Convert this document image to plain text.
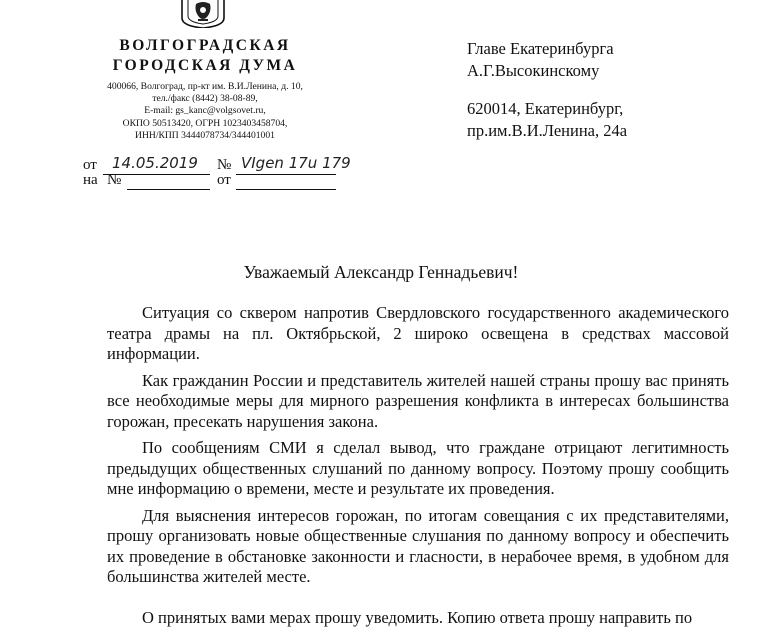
ВОЛГОГРАДСКАЯ
ГОРОДСКАЯ ДУМА
400066, Волгоград, пр-кт им. В.И.Ленина, д. 10,
тел./факс (8442) 38-08-89,
E-mail: gs_kanc@volgsovet.ru,
ОКПО 50513420, ОГРН 1023403458704,
ИНН/КПП 3444078734/344401001
Главе Екатеринбурга
А.Г.Высокинскому
620014, Екатеринбург,
пр.им.В.И.Ленина, 24а
от 14.05.2019 № VIgen 17u 179
на №	от
Уважаемый Александр Геннадьевич!

Ситуация со сквером напротив Свердловского государственного академического театра драмы на пл. Октябрьской, 2 широко освещена в средствах массовой информации.

Как гражданин России и представитель жителей нашей страны прошу вас принять все необходимые меры для мирного разрешения конфликта в интересах большинства горожан, пресекать нарушения закона.

По сообщениям СМИ я сделал вывод, что граждане отрицают легитимность предыдущих общественных слушаний по данному вопросу. Поэтому прошу сообщить мне информацию о времени, месте и результате их проведения.

Для выяснения интересов горожан, по итогам совещания с их представителями, прошу организовать новые общественные слушания по данному вопросу и обеспечить их проведение в обстановке законности и гласности, в нерабочее время, в удобном для большинства жителей месте.

О принятых вами мерах прошу уведомить. Копию ответа прошу направить по
